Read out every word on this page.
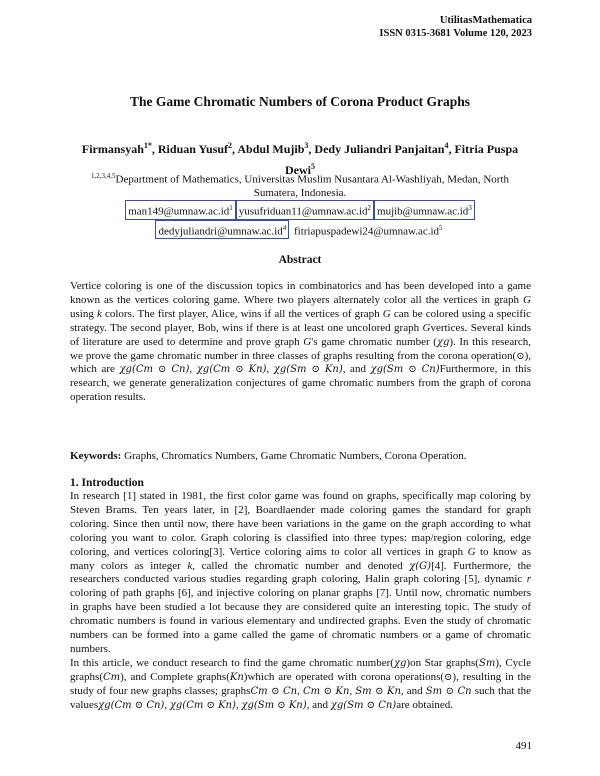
UtilitasMathematica
ISSN 0315-3681 Volume 120, 2023
The Game Chromatic Numbers of Corona Product Graphs
Firmansyah$^{1*}$, Riduan Yusuf$^2$, Abdul Mujib$^3$, Dedy Juliandri Panjaitan$^4$, Fitria Puspa Dewi$^5$
$^{1,2,3,4,5}$Department of Mathematics, Universitas Muslim Nusantara Al-Washliyah, Medan, North Sumatera, Indonesia.
$man149@umnaw.ac.id^1$ $yusufriduan11@umnaw.ac.id^2$ $mujib@umnaw.ac.id^3$
$dedyjuliandri@umnaw.ac.id^4$ $fitriapuspadewi24@umnaw.ac.id^5$
Abstract
Vertice coloring is one of the discussion topics in combinatorics and has been developed into a game known as the vertices coloring game. Where two players alternately color all the vertices in graph G using k colors. The first player, Alice, wins if all the vertices of graph G can be colored using a specific strategy. The second player, Bob, wins if there is at least one uncolored graph Gvertices. Several kinds of literature are used to determine and prove graph G's game chromatic number (χg). In this research, we prove the game chromatic number in three classes of graphs resulting from the corona operation(⊙), which are χg(Cm ⊙ Cn), χg(Cm ⊙ Kn), χg(Sm ⊙ Kn), and χg(Sm ⊙ Cn)Furthermore, in this research, we generate generalization conjectures of game chromatic numbers from the graph of corona operation results.
Keywords: Graphs, Chromatics Numbers, Game Chromatic Numbers, Corona Operation.
1. Introduction

In research [1] stated in 1981, the first color game was found on graphs, specifically map coloring by Steven Brams. Ten years later, in [2], Boardlaender made coloring games the standard for graph coloring. Since then until now, there have been variations in the game on the graph according to what coloring you want to color. Graph coloring is classified into three types: map/region coloring, edge coloring, and vertices coloring[3]. Vertice coloring aims to color all vertices in graph G to know as many colors as integer k, called the chromatic number and denoted χ(G)[4]. Furthermore, the researchers conducted various studies regarding graph coloring, Halin graph coloring [5], dynamic r coloring of path graphs [6], and injective coloring on planar graphs [7]. Until now, chromatic numbers in graphs have been studied a lot because they are considered quite an interesting topic. The study of chromatic numbers is found in various elementary and undirected graphs. Even the study of chromatic numbers can be formed into a game called the game of chromatic numbers or a game of chromatic numbers.

In this article, we conduct research to find the game chromatic number(χg)on Star graphs(Sm), Cycle graphs(Cm), and Complete graphs(Kn)which are operated with corona operations(⊙), resulting in the study of four new graphs classes; graphsCm ⊙ Cn, Cm ⊙ Kn, Sm ⊙ Kn, and Sm ⊙ Cn such that the valuesχg(Cm ⊙ Cn), χg(Cm ⊙ Kn), χg(Sm ⊙ Kn), and χg(Sm ⊙ Cn)are obtained.

491
